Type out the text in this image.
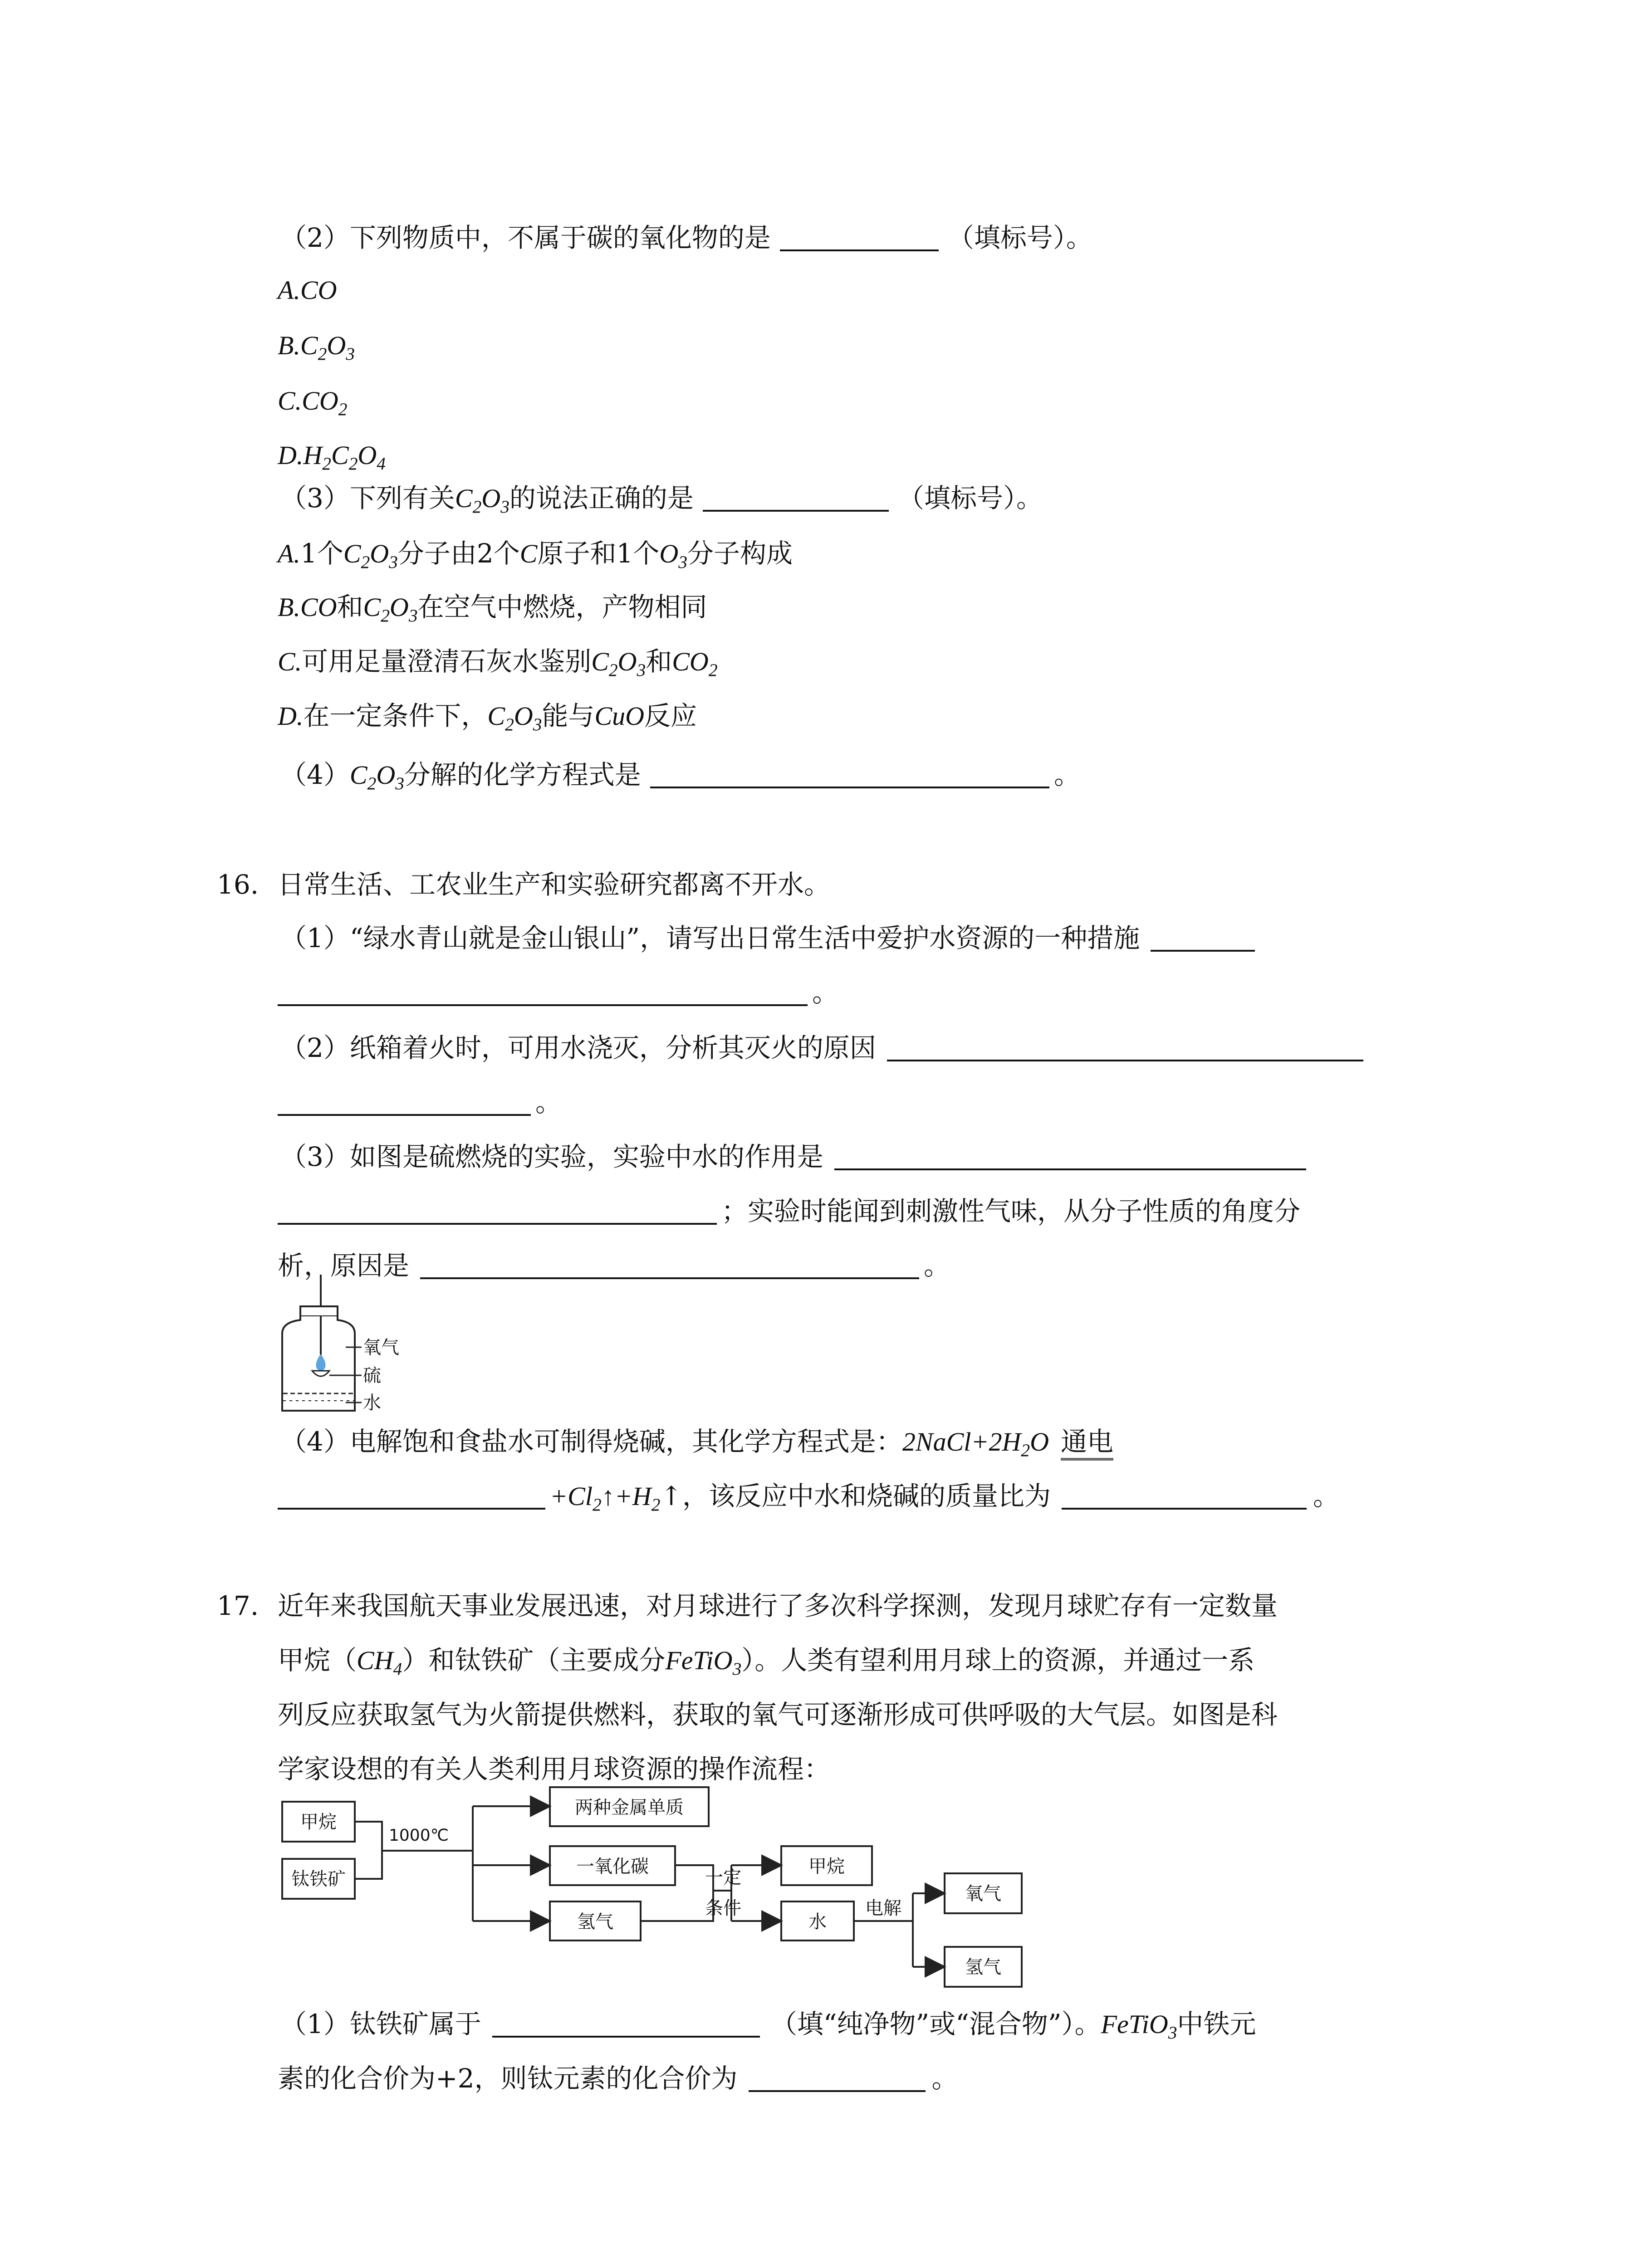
（2）下列物质中，不属于碳的氧化物的是	（填标号）。
A.CO
$B.C_2O_3$
$C.CO_2$
$D.H_2C_2O_4$
（3）下列有关$C_2O_3$的说法正确的是	（填标号）。
A.1个$C_2O_3$分子由2个C原子和1个$O_3$分子构成
B.CO和$C_2O_3$在空气中燃烧，产物相同
C.可用足量澄清石灰水鉴别$C_2O_3$和$CO_2$
D.在一定条件下，$C_2O_3$能与CuO反应
$(4)C_2O_3$分解的化学方程式是	。
16. 日常生活、工农业生产和实验研究都离不开水。
（1）“绿水青山就是金山银山”，请写出日常生活中爱护水资源的一种措施
。
（2）纸箱着火时，可用水浇灭，分析其灭火的原因
。
（3）如图是硫燃烧的实验，实验中水的作用是
；实验时能闻到刺激性气味，从分子性质的角度分
析，原因是	。
氧气
硫
水
（4）电解饱和食盐水可制得烧碱，其化学方程式是：$2NaCl+2H_2O$ 通电
$+Cl_2↑+H_2↑$，该反应中水和烧碱的质量比为	。
17. 近年来我国航天事业发展迅速，对月球进行了多次科学探测，发现月球贮存有一定数量
甲烷$(CH_4)$和钛铁矿（主要成分FeTiO$_3$）。人类有望利用月球上的资源，并通过一系
列反应获取氢气为火箭提供燃料，获取的氧气可逐渐形成可供呼吸的大气层。如图是科
学家设想的有关人类利用月球资源的操作流程：
甲烷
钛铁矿
1000℃
两种金属单质
一氧化碳
氢气
一定
条件
甲烷
水
电解
氧气
氢气
（1）钛铁矿属于	（填“纯净物”或“混合物”）。FeTiO$_3$中铁元
素的化合价为+2，则钛元素的化合价为	。
